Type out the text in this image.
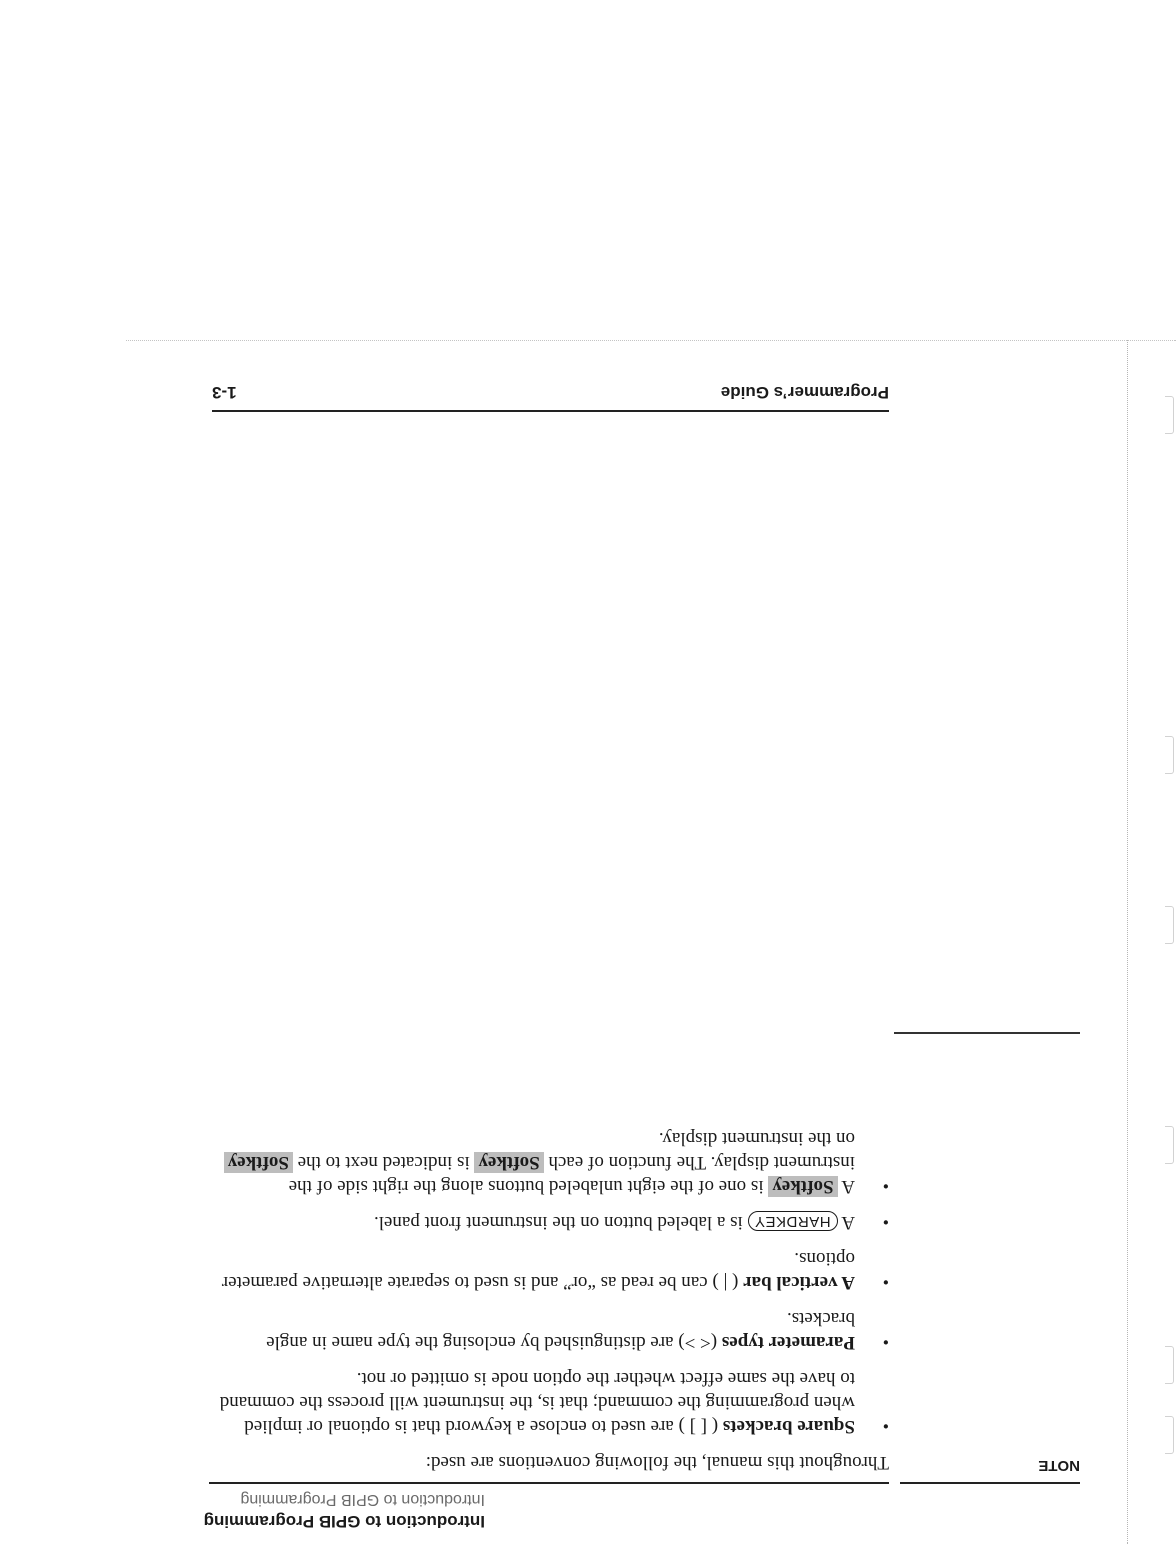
Introduction to GPIB Programming
Introduction to GPIB Programming
NOTE

Throughout this manual, the following conventions are used:

• Square brackets ( [ ] ) are used to enclose a keyword that is optional or implied when programming the command; that is, the instrument will process the command to have the same effect whether the option node is omitted or not.
• Parameter types (< >) are distinguished by enclosing the type name in angle brackets.
• A vertical bar ( | ) can be read as “or” and is used to separate alternative parameter options.
• A HARDKEY is a labeled button on the instrument front panel.
• A Softkey is one of the eight unlabeled buttons along the right side of the instrument display. The function of each Softkey is indicated next to the Softkey on the instrument display.
Programmer’s Guide
1-3
